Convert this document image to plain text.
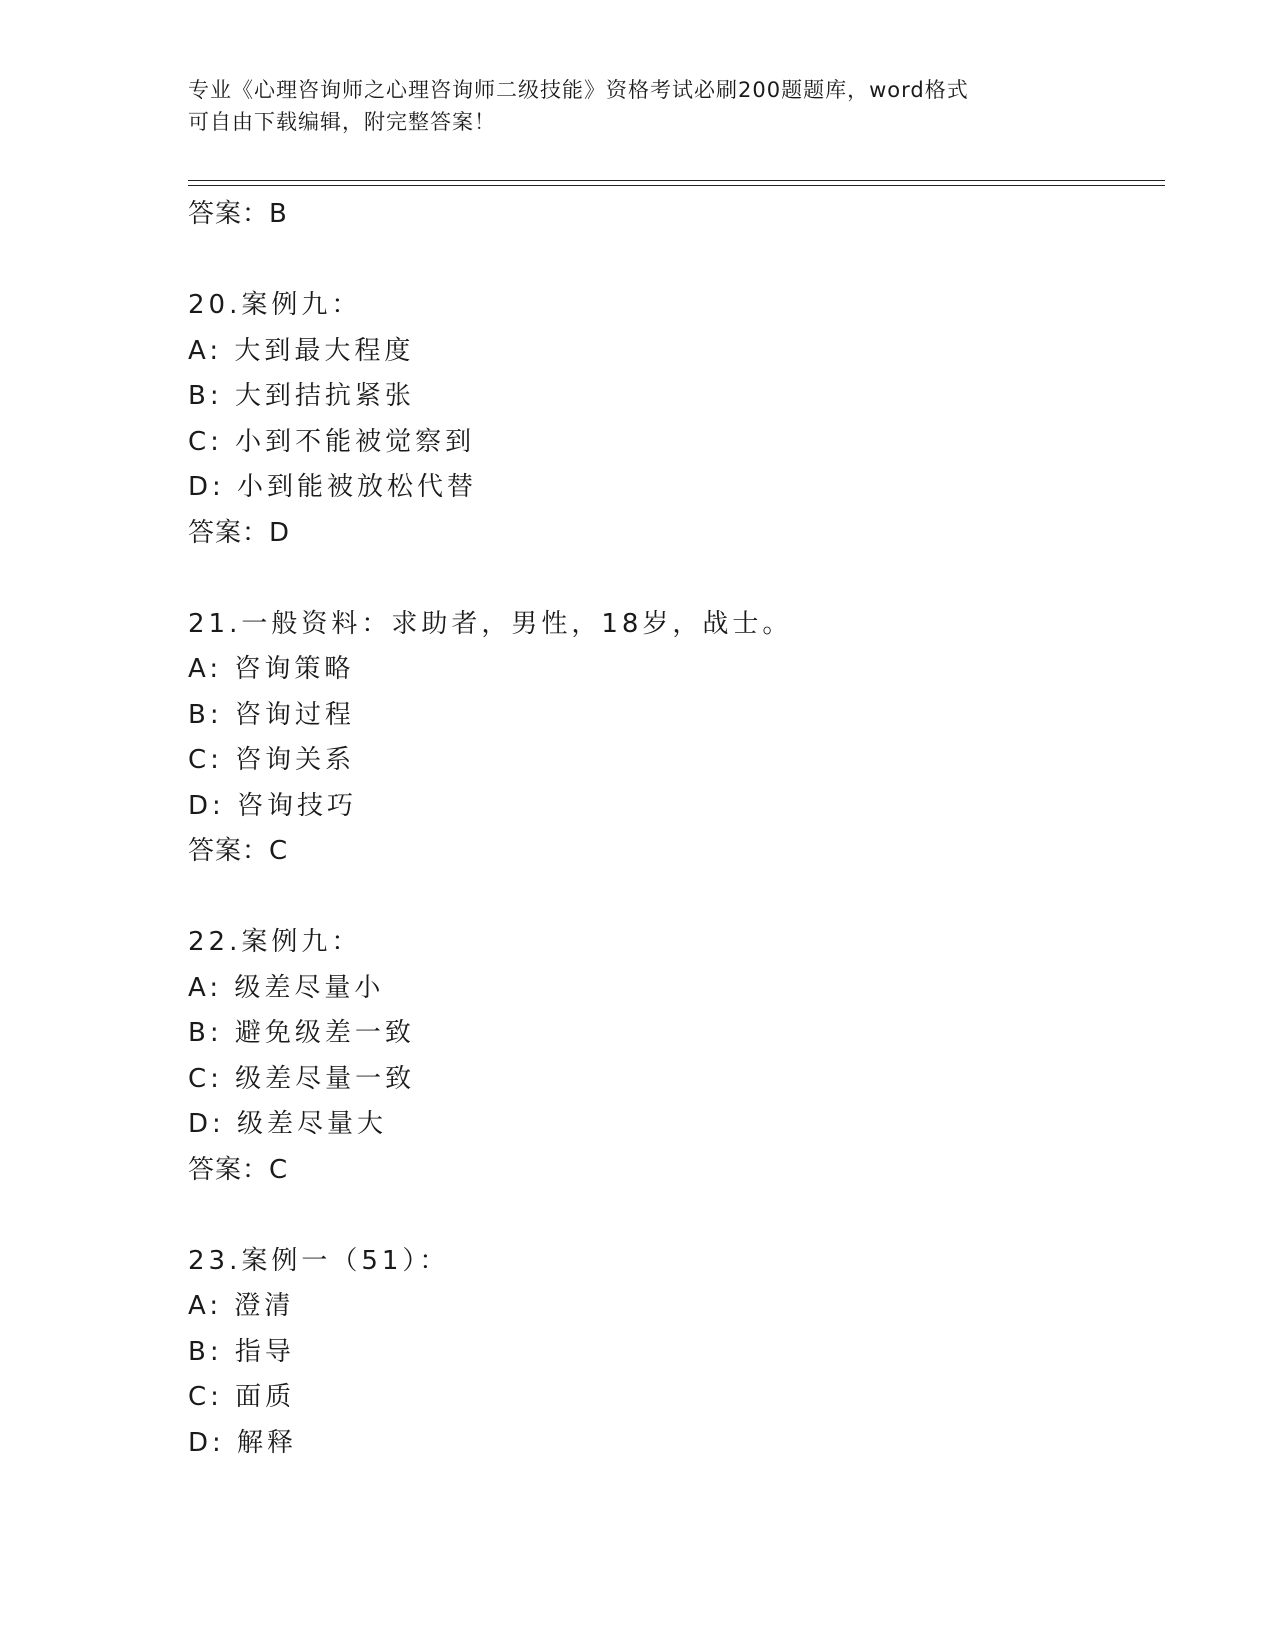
专业《心理咨询师之心理咨询师二级技能》资格考试必刷200题题库，word格式
可自由下载编辑，附完整答案！
答案：B
20.案例九：
A: 大到最大程度
B: 大到拮抗紧张
C: 小到不能被觉察到
D: 小到能被放松代替
答案：D
21.一般资料：求助者，男性，18岁，战士。
A: 咨询策略
B: 咨询过程
C: 咨询关系
D: 咨询技巧
答案：C
22.案例九：
A: 级差尽量小
B: 避免级差一致
C: 级差尽量一致
D: 级差尽量大
答案：C
23.案例一（51）：
A: 澄清
B: 指导
C: 面质
D: 解释
